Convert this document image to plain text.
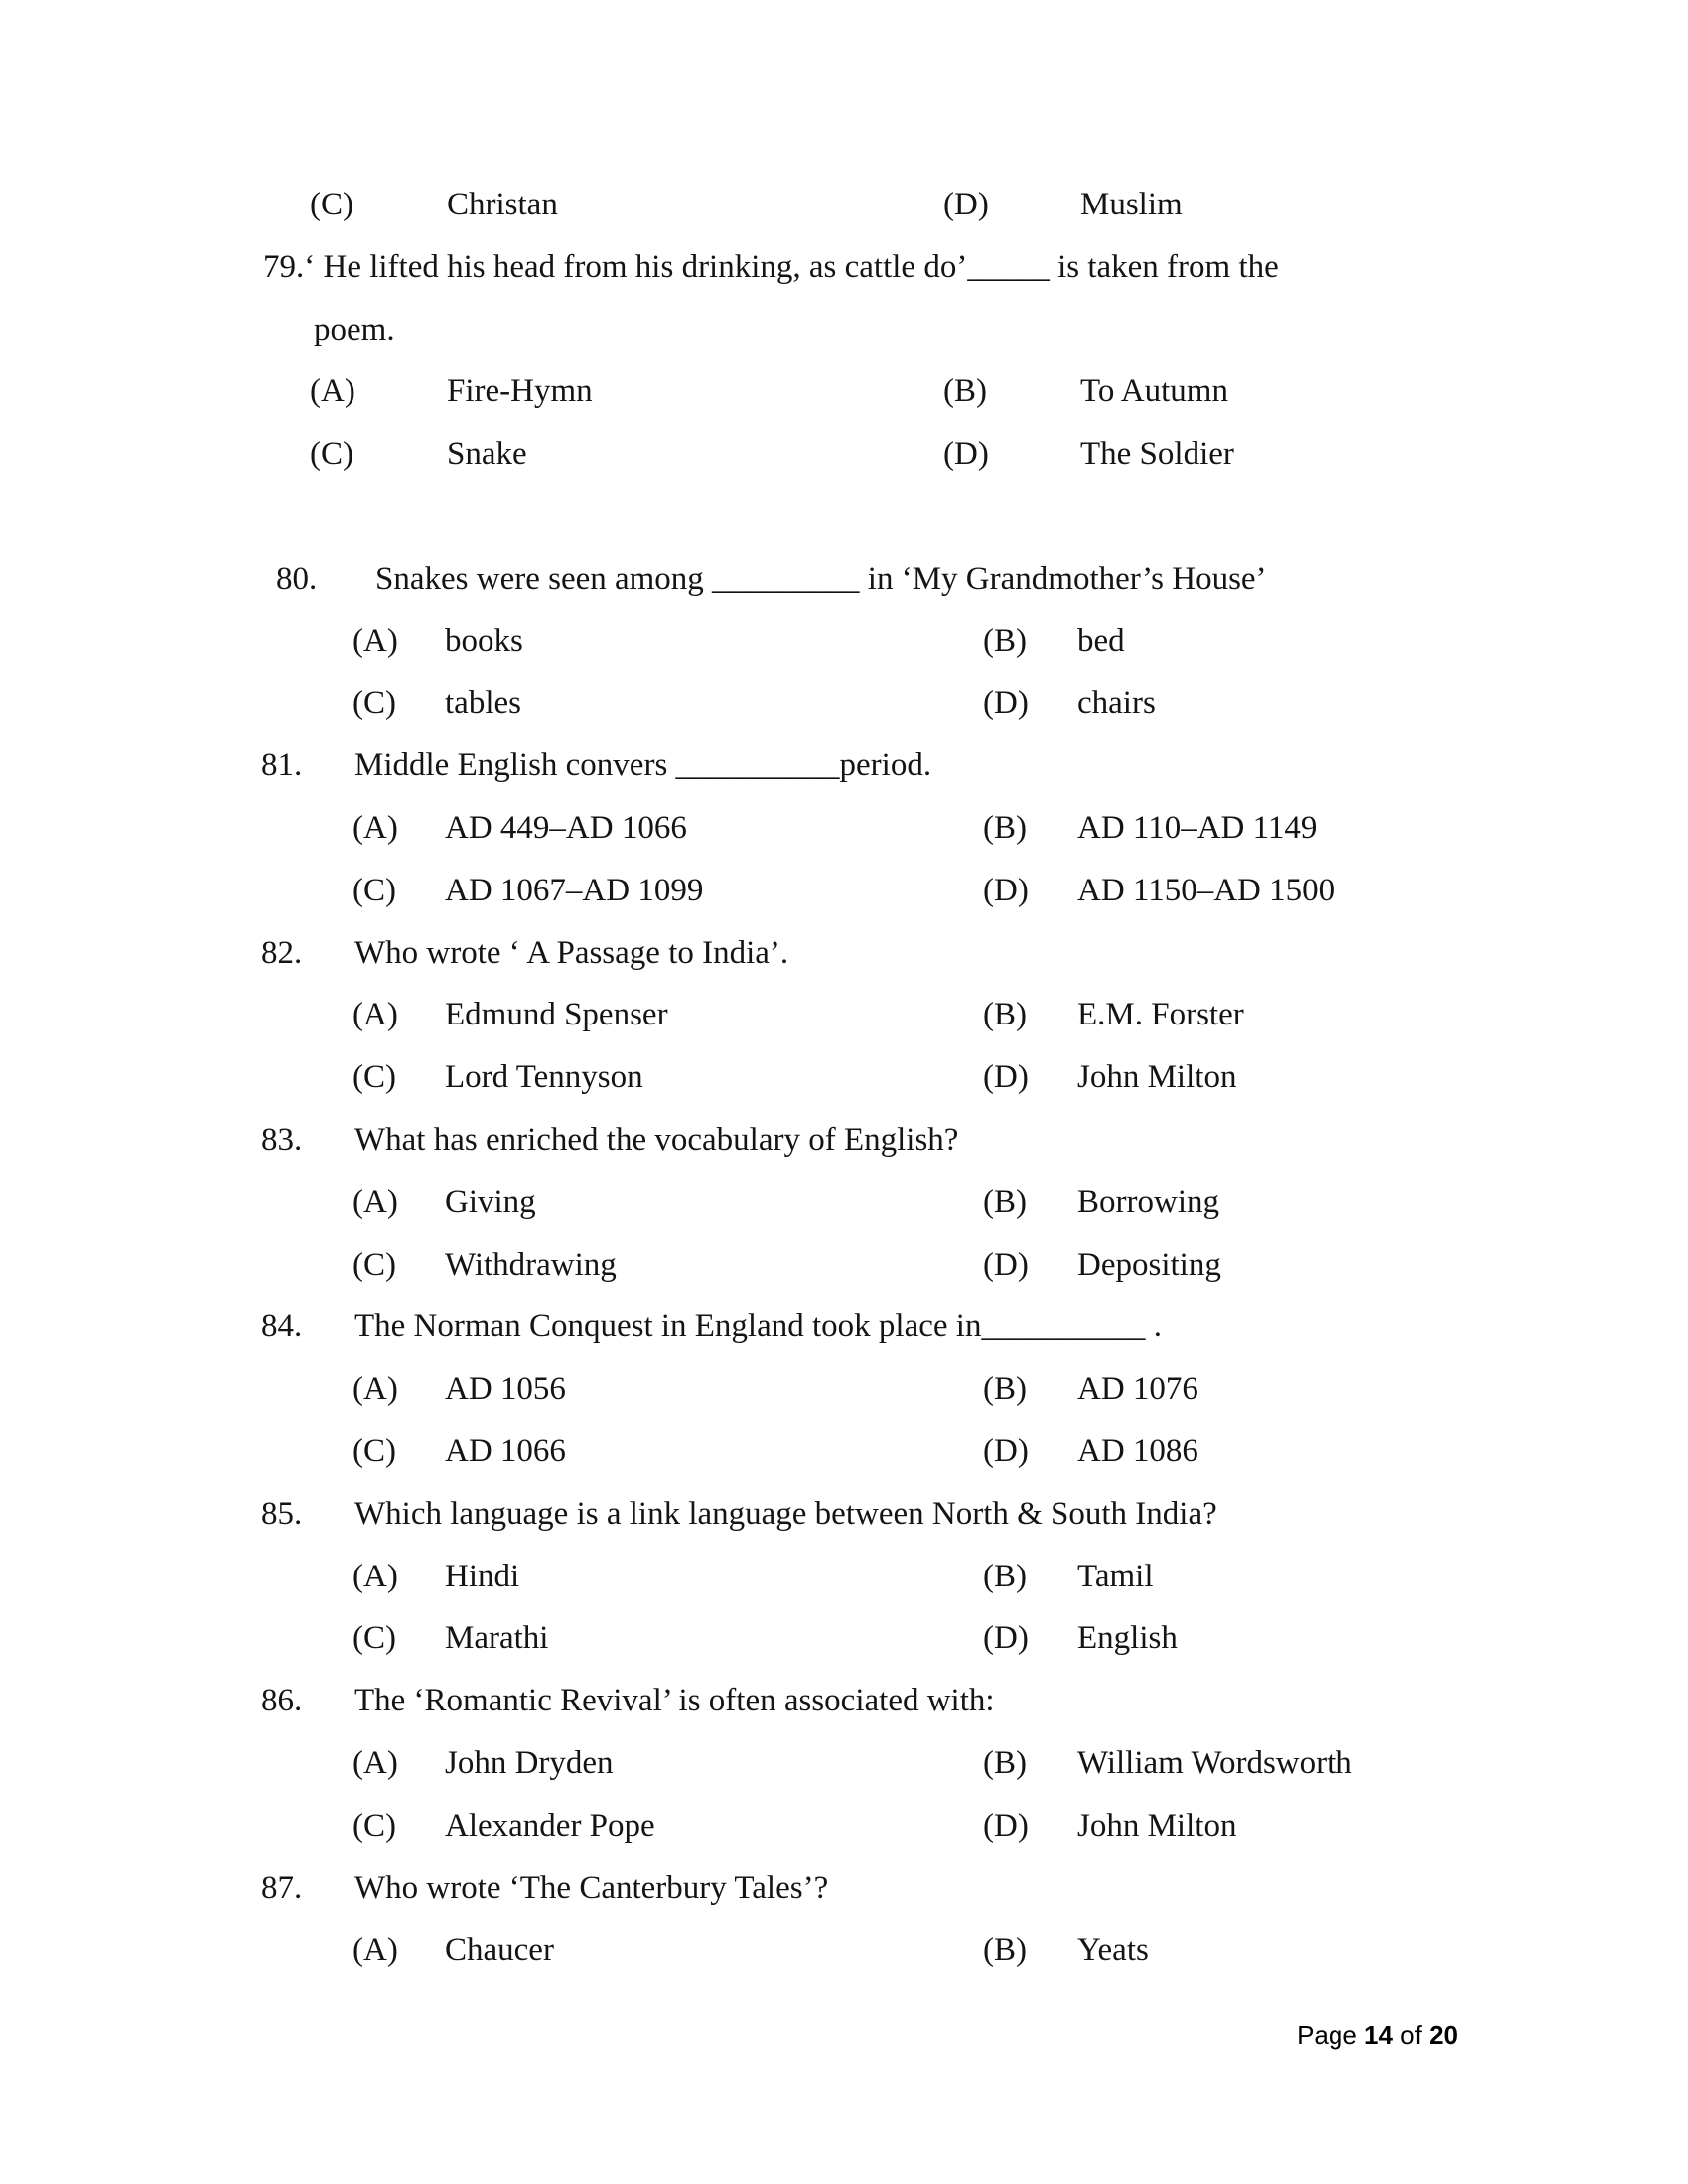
(C)	Christan	(D)	Muslim
79.‘ He lifted his head from his drinking, as cattle do’_____ is taken from the
poem.
(A)	Fire-Hymn	(B)	To Autumn
(C)	Snake	(D)	The Soldier
80. Snakes were seen among _________ in ‘My Grandmother’s House’
(A) books	(B) bed
(C) tables	(D) chairs
81. Middle English convers __________period.
(A) AD 449–AD 1066	(B) AD 110–AD 1149
(C) AD 1067–AD 1099	(D) AD 1150–AD 1500
82. Who wrote ‘ A Passage to India’.
(A) Edmund Spenser	(B) E.M. Forster
(C) Lord Tennyson	(D) John Milton
83. What has enriched the vocabulary of English?
(A) Giving	(B) Borrowing
(C) Withdrawing	(D) Depositing
84. The Norman Conquest in England took place in__________ .
(A) AD 1056	(B) AD 1076
(C) AD 1066	(D) AD 1086
85. Which language is a link language between North & South India?
(A) Hindi	(B) Tamil
(C) Marathi	(D) English
86. The ‘Romantic Revival’ is often associated with:
(A) John Dryden	(B) William Wordsworth
(C) Alexander Pope	(D) John Milton
87. Who wrote ‘The Canterbury Tales’?
(A) Chaucer	(B) Yeats
Page 14 of 20
